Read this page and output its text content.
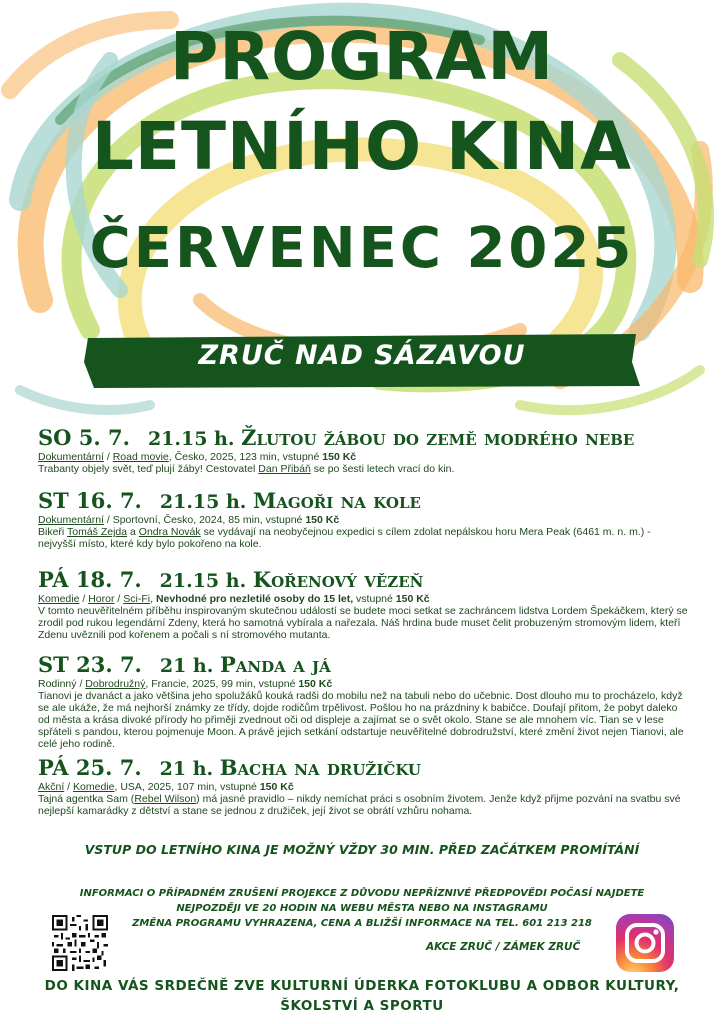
PROGRAM
LETNÍHO KINA
ČERVENEC 2025
ZRUČ NAD SÁZAVOU
SO 5. 7. 21.15 h. Žlutou žábou do země modrého nebe
Dokumentární / Road movie, Česko, 2025, 123 min, vstupné 150 Kč
Trabanty objely svět, teď plují žáby! Cestovatel Dan Přibáň se po šesti letech vrací do kin.
ST 16. 7. 21.15 h. Magoři na kole
Dokumentární / Sportovní, Česko, 2024, 85 min, vstupné 150 Kč
Bikeři Tomáš Zejda a Ondra Novák se vydávají na neobyčejnou expedici s cílem zdolat nepálskou horu Mera Peak (6461 m. n. m.) - nejvyšší místo, které kdy bylo pokořeno na kole.
PÁ 18. 7. 21.15 h. Kořenový vězeň
Komedie / Horor / Sci-Fi, Nevhodné pro nezletilé osoby do 15 let, vstupné 150 Kč
V tomto neuvěřitelném příběhu inspirovaným skutečnou událostí se budete moci setkat se zachráncem lidstva Lordem Špekáčkem, který se zrodil pod rukou legendární Zdeny, která ho samotná vybírala a nařezala. Náš hrdina bude muset čelit probuzeným stromovým lidem, kteří Zdenu uvěznili pod kořenem a počali s ní stromového mutanta.
ST 23. 7. 21 h. Panda a já
Rodinný / Dobrodružný, Francie, 2025, 99 min, vstupné 150 Kč
Tianovi je dvanáct a jako většina jeho spolužáků kouká radši do mobilu než na tabuli nebo do učebnic. Dost dlouho mu to procházelo, když se ale ukáže, že má nejhorší známky ze třídy, dojde rodičům trpělivost. Pošlou ho na prázdniny k babičce. Doufají přitom, že pobyt daleko od města a krása divoké přírody ho přiměji zvednout oči od displeje a zajímat se o svět okolo. Stane se ale mnohem víc. Tian se v lese spřáteli s pandou, kterou pojmenuje Moon. A právě jejich setkání odstartuje neuvěřitelné dobrodružství, které změní život nejen Tianovi, ale celé jeho rodině.
PÁ 25. 7. 21 h. Bacha na družičku
Akční / Komedie, USA, 2025, 107 min, vstupné 150 Kč
Tajná agentka Sam (Rebel Wilson) má jasné pravidlo – nikdy nemíchat práci s osobním životem. Jenže když přijme pozvání na svatbu své nejlepší kamarádky z dětství a stane se jednou z družiček, její život se obrátí vzhůru nohama.
VSTUP DO LETNÍHO KINA JE MOŽNÝ VŽDY 30 MIN. PŘED ZAČÁTKEM PROMÍTÁNÍ
INFORMACI O PŘÍPADNÉM ZRUŠENÍ PROJEKCE Z DŮVODU NEPŘÍZNIVÉ PŘEDPOVĚDI POČASÍ NAJDETE
NEJPOZDĚJI VE 20 HODIN NA WEBU MĚSTA NEBO NA INSTAGRAMU
ZMĚNA PROGRAMU VYHRAZENA, CENA A BLIŽŠÍ INFORMACE NA TEL. 601 213 218
AKCE ZRUČ / ZÁMEK ZRUČ
DO KINA VÁS SRDEČNĚ ZVE KULTURNÍ ÚDERKA FOTOKLUBU A ODBOR KULTURY,
ŠKOLSTVÍ A SPORTU
